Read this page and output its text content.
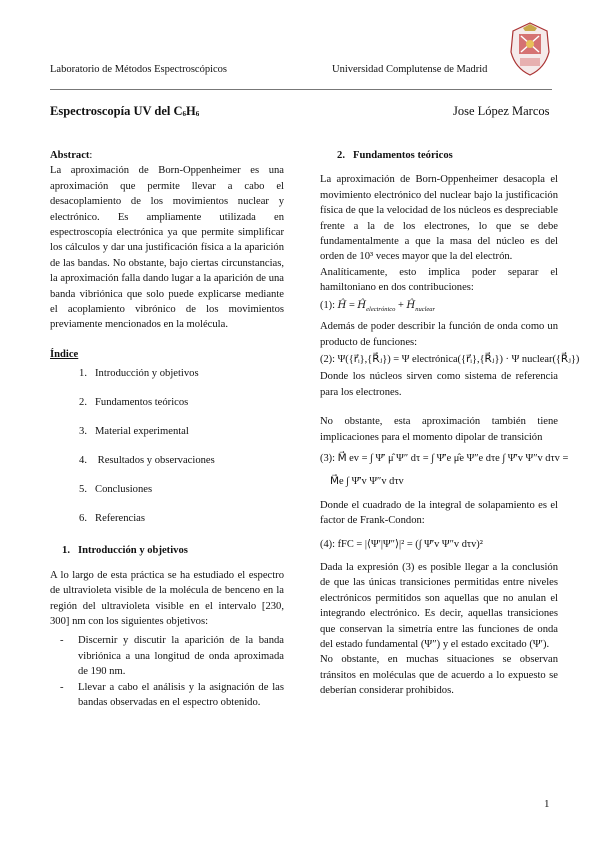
Laboratorio de Métodos Espectroscópicos	Universidad Complutense de Madrid
Espectroscopía UV del $C_6H_6$	Jose López Marcos

Abstract:
La aproximación de Born-Oppenheimer es una aproximación que permite llevar a cabo el desacoplamiento de los movimientos nuclear y electrónico. Es ampliamente utilizada en espectroscopía electrónica ya que permite simplificar los cálculos y dar una justificación física a la aparición de las bandas. No obstante, bajo ciertas circunstancias, la aproximación falla dando lugar a la aparición de una banda vibriónica que solo puede explicarse mediante el acoplamiento vibrónico de los movimientos previamente mencionados en la molécula.

Índice
1. Introducción y objetivos
2. Fundamentos teóricos
3. Material experimental
4. Resultados y observaciones
5. Conclusiones
6. Referencias

1. Introducción y objetivos

A lo largo de esta práctica se ha estudiado el espectro de ultravioleta visible de la molécula de benceno en la región del ultravioleta visible en el intervalo [230, 300] nm con los siguientes objetivos:

-	Discernir y discutir la aparición de la banda vibriónica a una longitud de onda aproximada de 190 nm.
-	Llevar a cabo el análisis y la asignación de las bandas observadas en el espectro obtenido.

2. Fundamentos teóricos

La aproximación de Born-Oppenheimer desacopla el movimiento electrónico del nuclear bajo la justificación física de que la velocidad de los núcleos es despreciable frente a la de los electrones, lo que se debe fundamentalmente a que la masa del núcleo es del orden de 10³ veces mayor que la del electrón.

Analíticamente, esto implica poder separar el hamiltoniano en dos contribuciones:

(1): Ĥ = $Ĥ_{electrónico}$ + $Ĥ_{nuclear}$

Además de poder describir la función de onda como un producto de funciones:

(2): Ψ({r⃗ᵢ},{R⃗ⱼ}) = Ψ electrónica({r⃗ᵢ},{R⃗ⱼ}) · Ψ nuclear({R⃗ⱼ})

Donde los núcleos sirven como sistema de referencia para los electrones.

No obstante, esta aproximación también tiene implicaciones para el momento dipolar de transición

(3): M⃗ ev = ∫ Ψ̄′ μ̂ Ψ″ dτ = ∫ Ψ̄′e μ̂e Ψ″e dτe ∫ Ψ̄′v Ψ″v dτv =
M⃗e ∫ Ψ̄′v Ψ″v dτv

Donde el cuadrado de la integral de solapamiento es el factor de Frank-Condon:

(4): fFC = |⟨Ψ′|Ψ″⟩|² = (∫ Ψ̄′v Ψ″v dτv)²

Dada la expresión (3) es posible llegar a la conclusión de que las únicas transiciones permitidas entre niveles electrónicos permitidos son aquellas que no anulan el integrando electrónico. Es decir, aquellas transiciones que conservan la simetría entre las funciones de onda del estado fundamental (Ψ″) y el estado excitado (Ψ′).

No obstante, en muchas situaciones se observan tránsitos en moléculas que de acuerdo a lo expuesto se deberían considerar prohibidos.

1
